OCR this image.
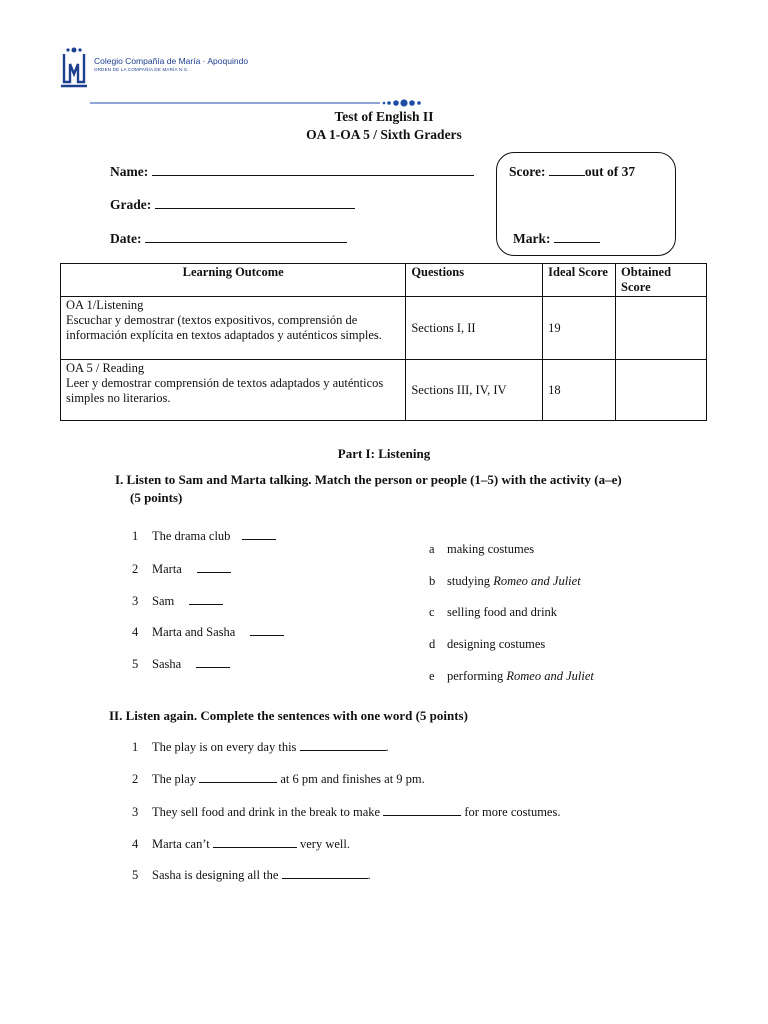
Colegio Compañía de María · Apoquindo
ORDEN DE LA COMPAÑÍA DE MARÍA N.S.
Test of English II
OA 1-OA 5 / Sixth Graders
Name:
Grade:
Date:
Score:	out of 37
Mark:
Learning Outcome	Questions	Ideal Score	Obtained Score

OA 1/Listening
Escuchar y demostrar (textos expositivos, comprensión de información explícita en textos adaptados y auténticos simples.	Sections I, II	19	

OA 5 / Reading
Leer y demostrar comprensión de textos adaptados y auténticos simples no literarios.	Sections III, IV, IV	18	
Part I: Listening
I. Listen to Sam and Marta talking. Match the person or people (1–5) with the activity (a–e)
(5 points)
1 The drama club
2 Marta
3 Sam
4 Marta and Sasha
5 Sasha
a making costumes
b studying Romeo and Juliet
c selling food and drink
d designing costumes
e performing Romeo and Juliet
II. Listen again. Complete the sentences with one word (5 points)
1 The play is on every day this	.
2 The play	at 6 pm and finishes at 9 pm.
3 They sell food and drink in the break to make	for more costumes.
4 Marta can’t	very well.
5 Sasha is designing all the	.
